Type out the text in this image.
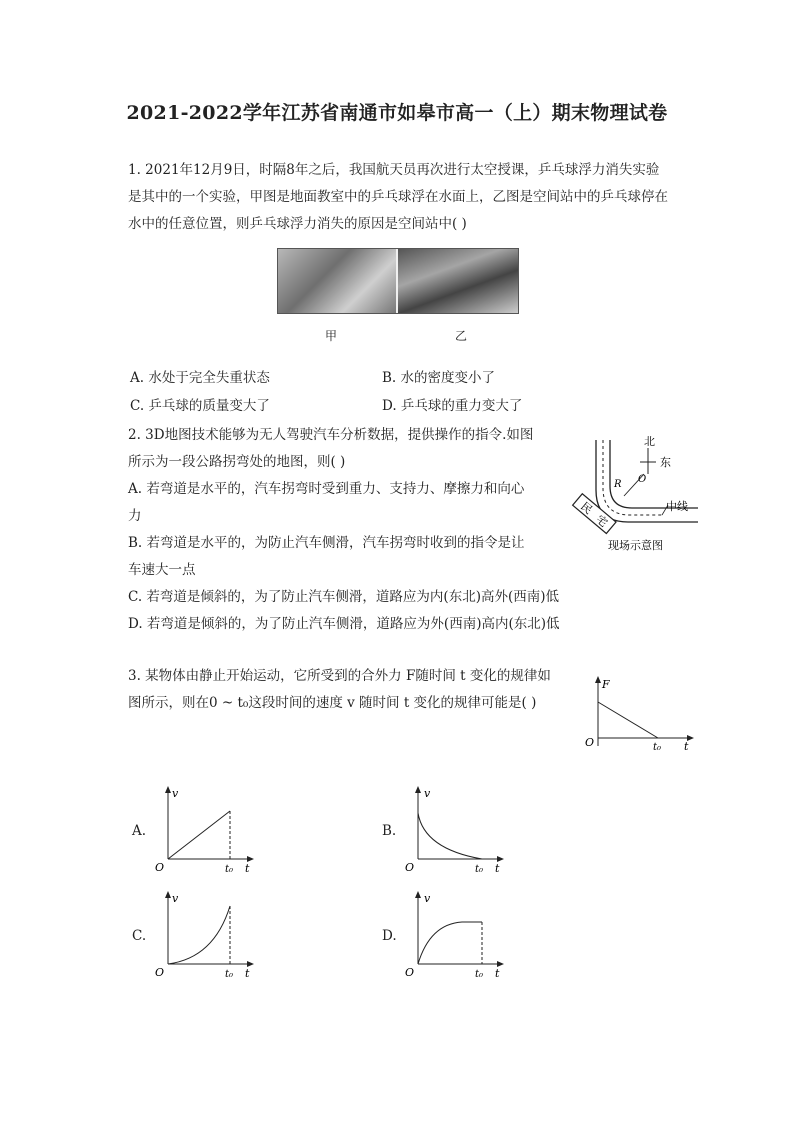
2021-2022学年江苏省南通市如皋市高一（上）期末物理试卷
1. 2021年12月9日，时隔8年之后，我国航天员再次进行太空授课，乒乓球浮力消失实验
是其中的一个实验，甲图是地面教室中的乒乓球浮在水面上，乙图是空间站中的乒乓球停在
水中的任意位置，则乒乓球浮力消失的原因是空间站中( )
甲	乙
A. 水处于完全失重状态	B. 水的密度变小了
C. 乒乓球的质量变大了	D. 乒乓球的重力变大了
2. 3D地图技术能够为无人驾驶汽车分析数据，提供操作的指令.如图
所示为一段公路拐弯处的地图，则( )
A. 若弯道是水平的，汽车拐弯时受到重力、支持力、摩擦力和向心
力
B. 若弯道是水平的，为防止汽车侧滑，汽车拐弯时收到的指令是让
车速大一点
C. 若弯道是倾斜的，为了防止汽车侧滑，道路应为内(东北)高外(西南)低
D. 若弯道是倾斜的，为了防止汽车侧滑，道路应为外(西南)高内(东北)低
北
东
R O
中线
民
宅
现场示意图
3. 某物体由静止开始运动，它所受到的合外力 F随时间 t 变化的规律如
图所示，则在0 ~ t₀这段时间的速度 v 随时间 t 变化的规律可能是( )
F
O	t₀ t
A.	B.
C.	D.
v
O	t₀ t
v
O	t₀ t
v
O	t₀ t
v
O	t₀ t
